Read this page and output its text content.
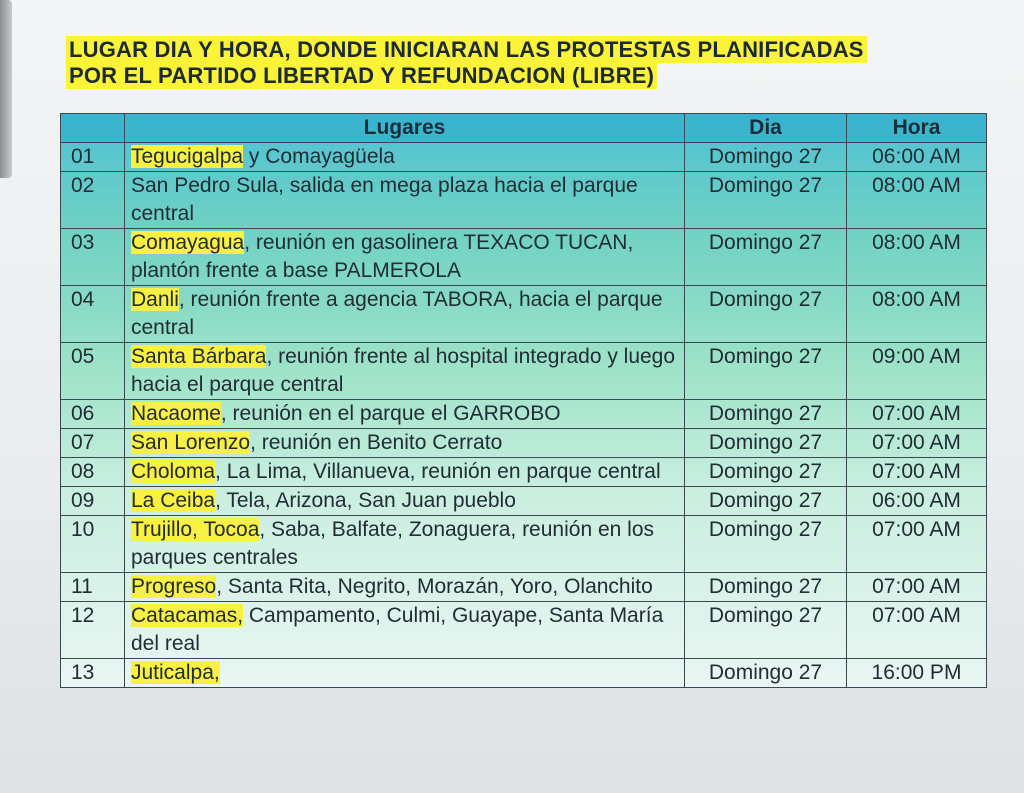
LUGAR DIA Y HORA, DONDE INICIARAN LAS PROTESTAS PLANIFICADAS
POR EL PARTIDO LIBERTAD Y REFUNDACION (LIBRE)
	Lugares	Dia	Hora
01	Tegucigalpa y Comayagüela	Domingo 27	06:00 AM
02	San Pedro Sula, salida en mega plaza hacia el parque central	Domingo 27	08:00 AM
03	Comayagua, reunión en gasolinera TEXACO TUCAN, plantón frente a base PALMEROLA	Domingo 27	08:00 AM
04	Danli, reunión frente a agencia TABORA, hacia el parque central	Domingo 27	08:00 AM
05	Santa Bárbara, reunión frente al hospital integrado y luego hacia el parque central	Domingo 27	09:00 AM
06	Nacaome, reunión en el parque el GARROBO	Domingo 27	07:00 AM
07	San Lorenzo, reunión en Benito Cerrato	Domingo 27	07:00 AM
08	Choloma, La Lima, Villanueva, reunión en parque central	Domingo 27	07:00 AM
09	La Ceiba, Tela, Arizona, San Juan pueblo	Domingo 27	06:00 AM
10	Trujillo, Tocoa, Saba, Balfate, Zonaguera, reunión en los parques centrales	Domingo 27	07:00 AM
11	Progreso, Santa Rita, Negrito, Morazán, Yoro, Olanchito	Domingo 27	07:00 AM
12	Catacamas, Campamento, Culmi, Guayape, Santa María del real	Domingo 27	07:00 AM
13	Juticalpa,	Domingo 27	16:00 PM
